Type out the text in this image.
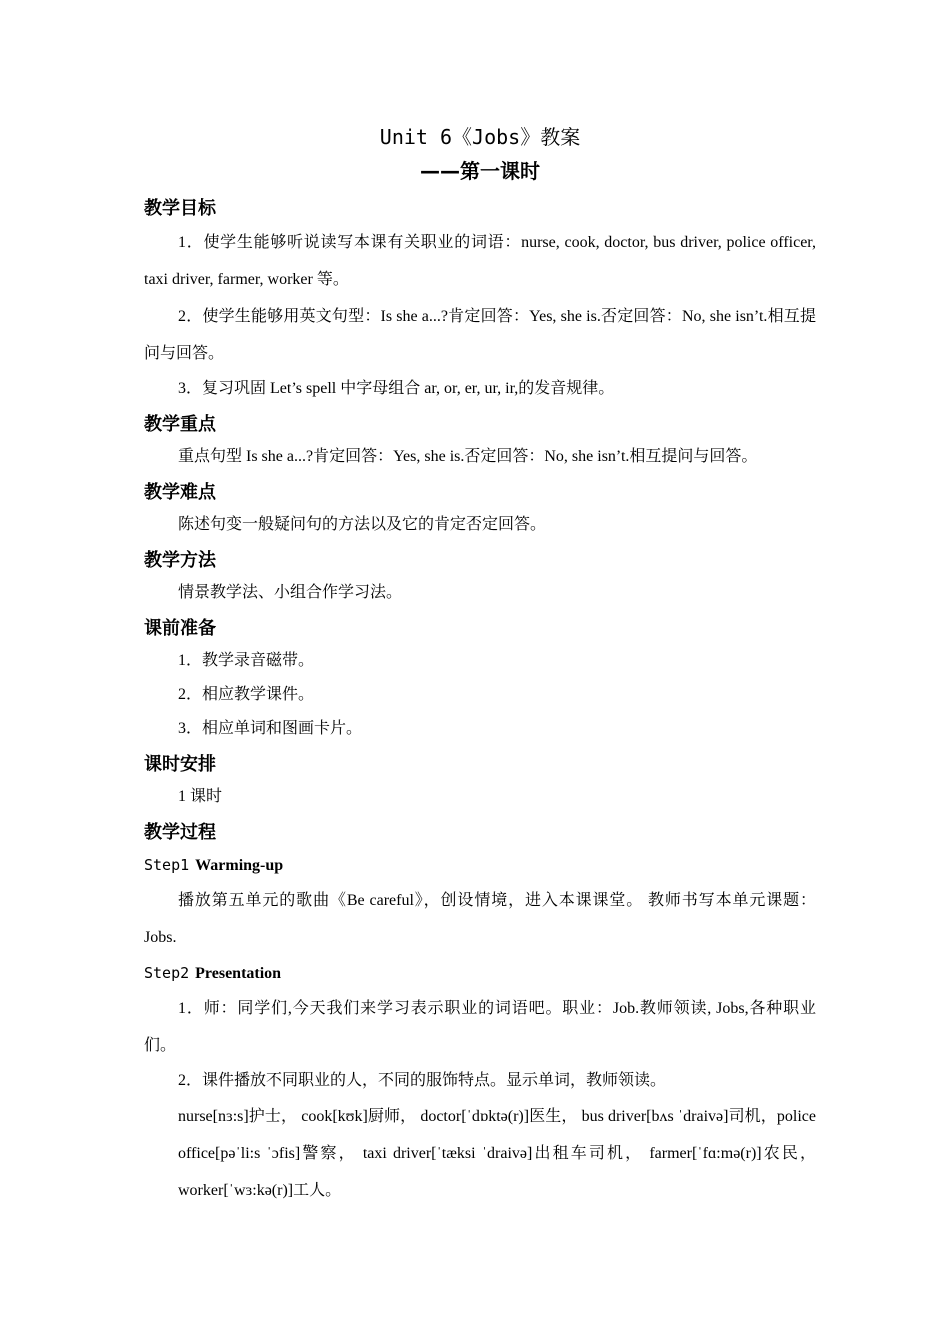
Unit 6《Jobs》教案
——第一课时
教学目标

1．使学生能够听说读写本课有关职业的词语：nurse, cook, doctor, bus driver, police officer, taxi driver, farmer, worker 等。

2．使学生能够用英文句型：Is she a...?肯定回答：Yes, she is.否定回答：No, she isn’t.相互提问与回答。

3．复习巩固 Let’s spell 中字母组合 ar, or, er, ur, ir,的发音规律。
教学重点
重点句型 Is she a...?肯定回答：Yes, she is.否定回答：No, she isn’t.相互提问与回答。
教学难点
陈述句变一般疑问句的方法以及它的肯定否定回答。
教学方法
情景教学法、小组合作学习法。
课前准备
1．教学录音磁带。
2．相应教学课件。
3．相应单词和图画卡片。
课时安排
1 课时
教学过程
Step1 Warming-up

播放第五单元的歌曲《Be careful》，创设情境，进入本课课堂。 教师书写本单元课题：Jobs.

Step2 Presentation

1．师：同学们,今天我们来学习表示职业的词语吧。职业：Job.教师领读, Jobs,各种职业们。

2．课件播放不同职业的人，不同的服饰特点。显示单词，教师领读。

nurse[nɜ:s]护士， cook[kʊk]厨师， doctor[ˈdɒktə(r)]医生， bus driver[bʌs ˈdraivə]司机，police office[pəˈli:s ˈɔfis]警察， taxi driver[ˈtæksi ˈdraivə]出租车司机， farmer[ˈfɑ:mə(r)]农民，worker[ˈwɜ:kə(r)]工人。
